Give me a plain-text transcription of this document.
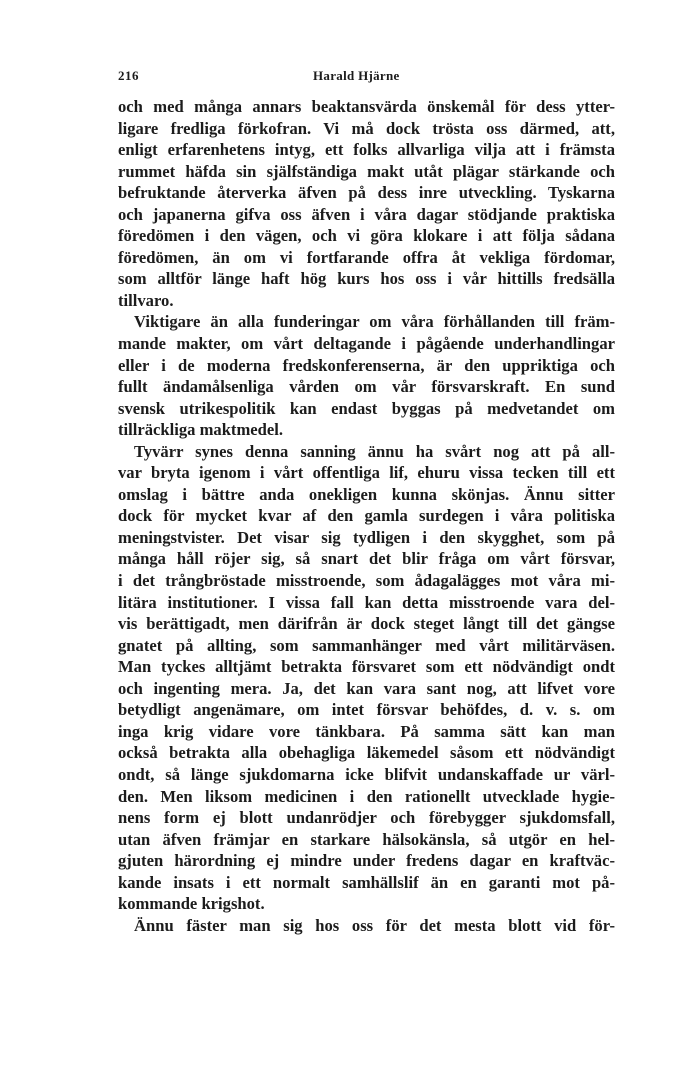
216	Harald Hjärne
och med många annars beaktansvärda önskemål för dess ytter-
ligare fredliga förkofran. Vi må dock trösta oss därmed, att,
enligt erfarenhetens intyg, ett folks allvarliga vilja att i främsta
rummet häfda sin själfständiga makt utåt plägar stärkande och
befruktande återverka äfven på dess inre utveckling. Tyskarna
och japanerna gifva oss äfven i våra dagar stödjande praktiska
föredömen i den vägen, och vi göra klokare i att följa sådana
föredömen, än om vi fortfarande offra åt vekliga fördomar,
som alltför länge haft hög kurs hos oss i vår hittills fredsälla
tillvaro.
Viktigare än alla funderingar om våra förhållanden till främ-
mande makter, om vårt deltagande i pågående underhandlingar
eller i de moderna fredskonferenserna, är den uppriktiga och
fullt ändamålsenliga vården om vår försvarskraft. En sund
svensk utrikespolitik kan endast byggas på medvetandet om
tillräckliga maktmedel.
Tyvärr synes denna sanning ännu ha svårt nog att på all-
var bryta igenom i vårt offentliga lif, ehuru vissa tecken till ett
omslag i bättre anda onekligen kunna skönjas. Ännu sitter
dock för mycket kvar af den gamla surdegen i våra politiska
meningstvister. Det visar sig tydligen i den skygghet, som på
många håll röjer sig, så snart det blir fråga om vårt försvar,
i det trångbröstade misstroende, som ådagalägges mot våra mi-
litära institutioner. I vissa fall kan detta misstroende vara del-
vis berättigadt, men därifrån är dock steget långt till det gängse
gnatet på allting, som sammanhänger med vårt militärväsen.
Man tyckes alltjämt betrakta försvaret som ett nödvändigt ondt
och ingenting mera. Ja, det kan vara sant nog, att lifvet vore
betydligt angenämare, om intet försvar behöfdes, d. v. s. om
inga krig vidare vore tänkbara. På samma sätt kan man
också betrakta alla obehagliga läkemedel såsom ett nödvändigt
ondt, så länge sjukdomarna icke blifvit undanskaffade ur värl-
den. Men liksom medicinen i den rationellt utvecklade hygie-
nens form ej blott undanrödjer och förebygger sjukdomsfall,
utan äfven främjar en starkare hälsokänsla, så utgör en hel-
gjuten härordning ej mindre under fredens dagar en kraftväc-
kande insats i ett normalt samhällslif än en garanti mot på-
kommande krigshot.
Ännu fäster man sig hos oss för det mesta blott vid för-
